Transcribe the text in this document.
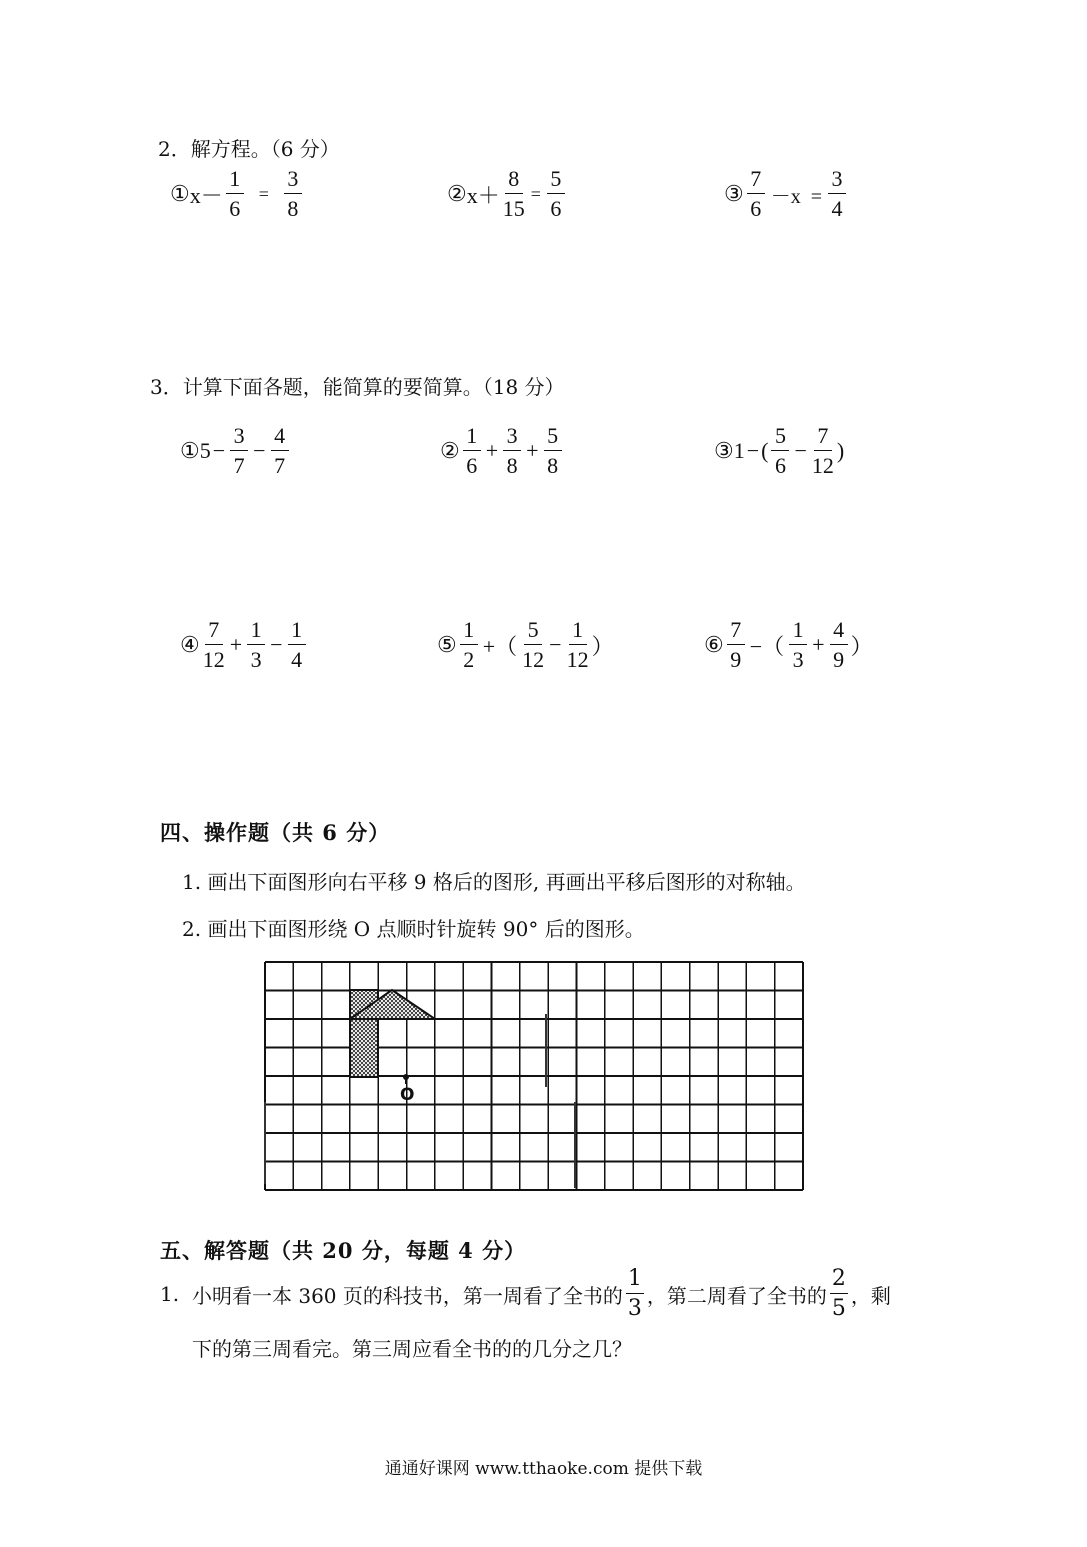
2．解方程。（6 分）
① $x- \frac{1}{6} = \frac{3}{8}$	② $x+ \frac{8}{15} = \frac{5}{6}$	③ $\frac{7}{6} -x = \frac{3}{4}$
3．计算下面各题，能简算的要简算。（18 分）
① $5 - \frac{3}{7} - \frac{4}{7}$	② $\frac{1}{6} + \frac{3}{8} + \frac{5}{8}$	③ 1 − ( $\frac{5}{6} - \frac{7}{12}$ )
④ $\frac{7}{12} + \frac{1}{3} - \frac{1}{4}$	⑤ $\frac{1}{2}$ +（ $\frac{5}{12} - \frac{1}{12}$ ）	⑥ $\frac{7}{9}$ −（ $\frac{1}{3} + \frac{4}{9}$ ）
四、操作题（共 6 分）
1. 画出下面图形向右平移 9 格后的图形, 再画出平移后图形的对称轴。
2. 画出下面图形绕 O 点顺时针旋转 90° 后的图形。
O
五、解答题（共 20 分，每题 4 分）
1. 小明看一本 360 页的科技书，第一周看了全书的 $\frac{1}{3}$ ，第二周看了全书的 $\frac{2}{5}$ ，剩
下的第三周看完。第三周应看全书的的几分之几？
通通好课网 www.tthaoke.com 提供下载
